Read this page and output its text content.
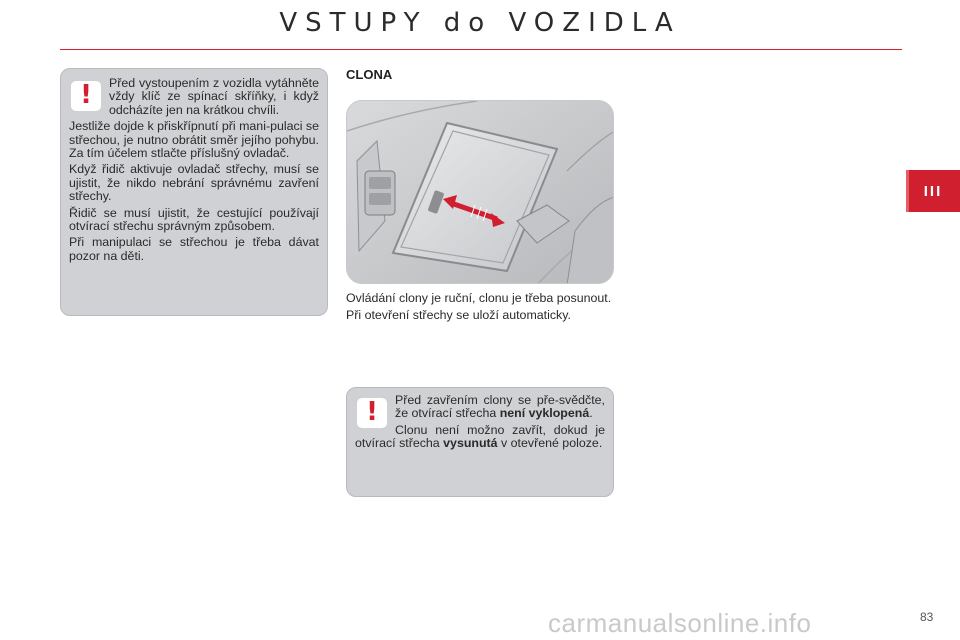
VSTUPY do VOZIDLA
III
!	Před vystoupením z vozidla vytáhněte vždy klíč ze spínací skříňky, i když odcházíte jen na krátkou chvíli.

Jestliže dojde k přiskřípnutí při mani-pulaci se střechou, je nutno obrátit směr jejího pohybu. Za tím účelem stlačte příslušný ovladač.

Když řidič aktivuje ovladač střechy, musí se ujistit, že nikdo nebrání správnému zavření střechy.

Řidič se musí ujistit, že cestující používají otvírací střechu správným způsobem.

Při manipulaci se střechou je třeba dávat pozor na děti.

CLONA

Ovládání clony je ruční, clonu je třeba posunout.

Při otevření střechy se uloží automaticky.

!	Před zavřením clony se pře-svědčte, že otvírací střecha není vyklopená.

Clonu není možno zavřít, dokud je otvírací střecha vysunutá v otevřené poloze.

carmanualsonline.info	83
